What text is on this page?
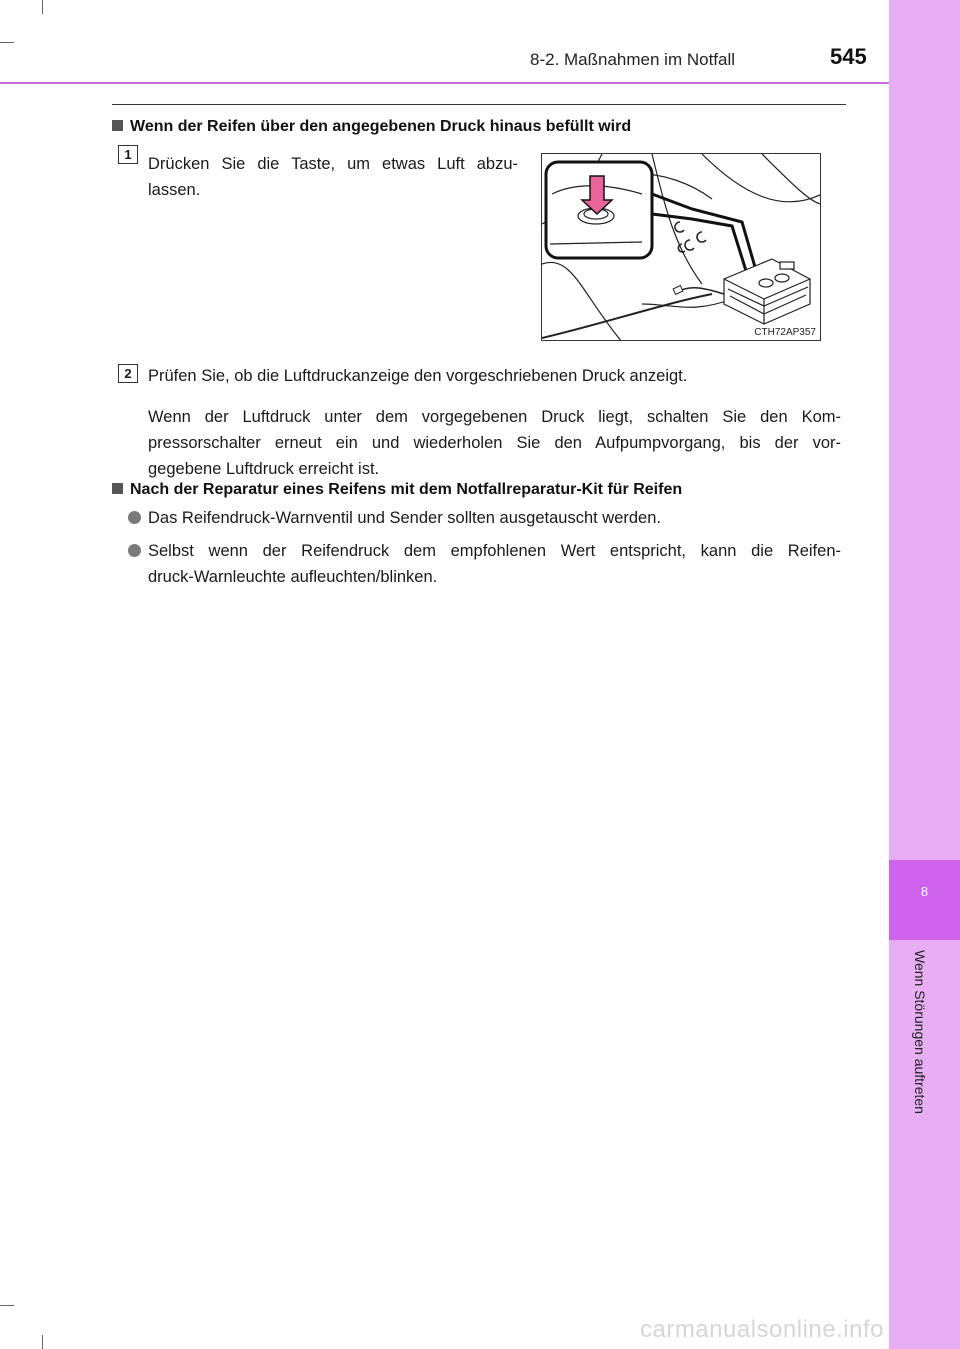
8
Wenn Störungen auftreten
8-2. Maßnahmen im Notfall	545
Wenn der Reifen über den angegebenen Druck hinaus befüllt wird
1
Drücken Sie die Taste, um etwas Luft abzu-
lassen.
CTH72AP357
2 Prüfen Sie, ob die Luftdruckanzeige den vorgeschriebenen Druck anzeigt.
Wenn der Luftdruck unter dem vorgegebenen Druck liegt, schalten Sie den Kom-
pressorschalter erneut ein und wiederholen Sie den Aufpumpvorgang, bis der vor-
gegebene Luftdruck erreicht ist.
Nach der Reparatur eines Reifens mit dem Notfallreparatur-Kit für Reifen
Das Reifendruck-Warnventil und Sender sollten ausgetauscht werden.
Selbst wenn der Reifendruck dem empfohlenen Wert entspricht, kann die Reifen-
druck-Warnleuchte aufleuchten/blinken.
carmanualsonline.info
